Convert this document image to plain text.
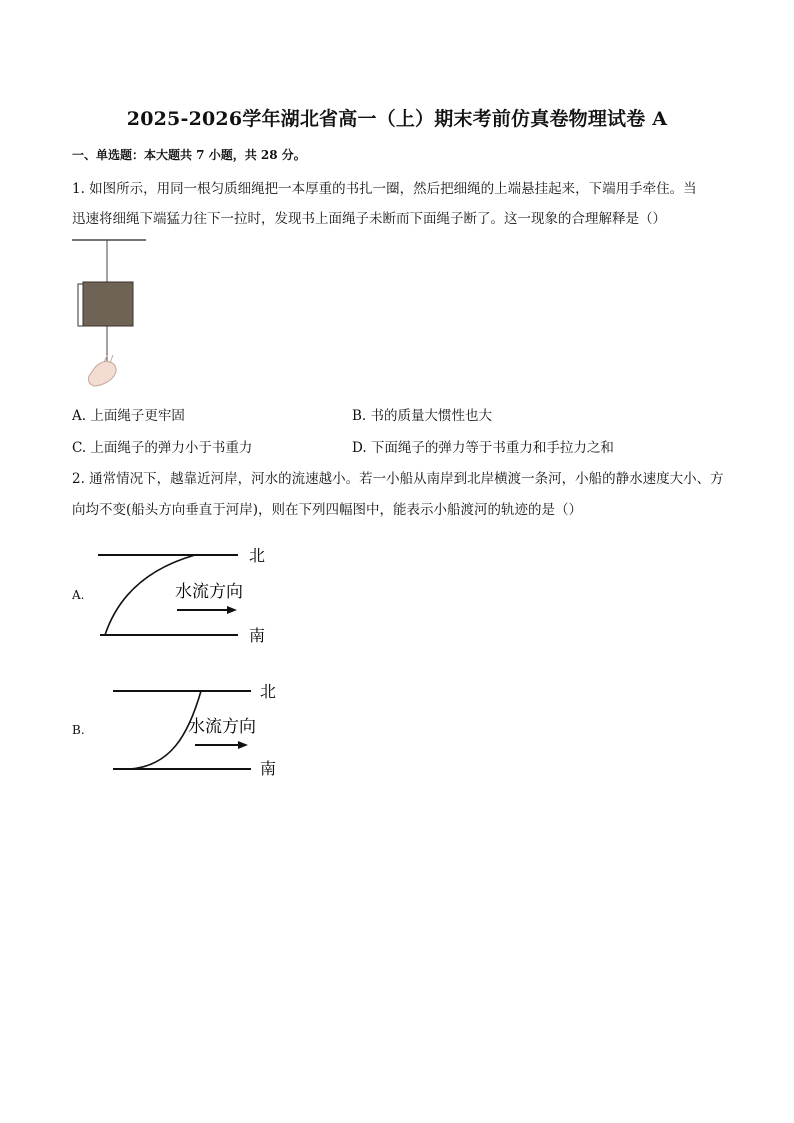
2025-2026学年湖北省高一（上）期末考前仿真卷物理试卷 A
一、单选题：本大题共 7 小题，共 28 分。
1. 如图所示，用同一根匀质细绳把一本厚重的书扎一圈，然后把细绳的上端悬挂起来，下端用手牵住。当
迅速将细绳下端猛力往下一拉时，发现书上面绳子未断而下面绳子断了。这一现象的合理解释是（）
A. 上面绳子更牢固	B. 书的质量大惯性也大
C. 上面绳子的弹力小于书重力	D. 下面绳子的弹力等于书重力和手拉力之和
2. 通常情况下，越靠近河岸，河水的流速越小。若一小船从南岸到北岸横渡一条河，小船的静水速度大小、方
向均不变(船头方向垂直于河岸)，则在下列四幅图中，能表示小船渡河的轨迹的是（）
A.
北
南
水流方向
B.
北
南
水流方向
